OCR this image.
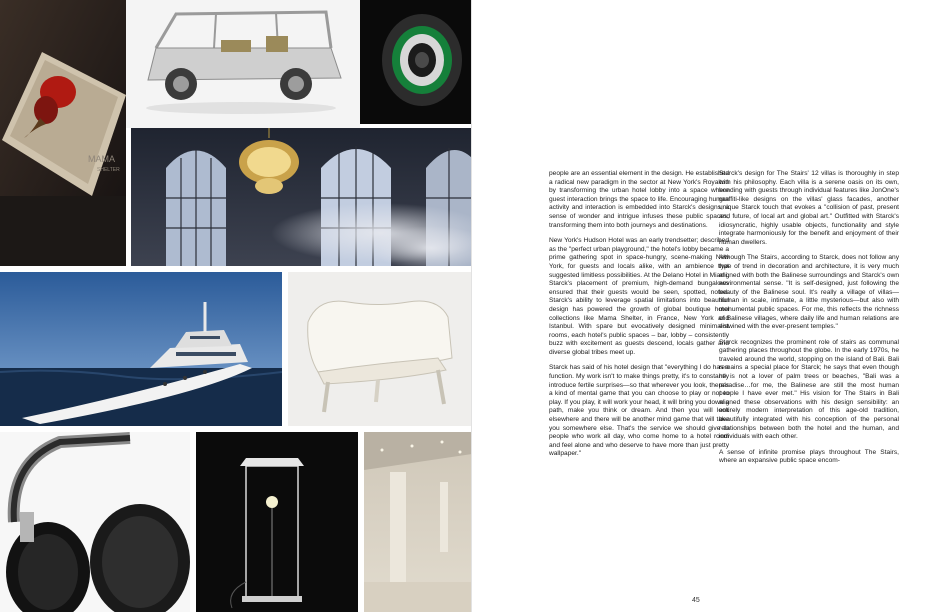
MAMA
SHELTER	people are an essential element in the design. He established a radical new paradigm in the sector at New York's Royalton by transforming the urban hotel lobby into a space where guest interaction brings the space to life. Encouraging human activity and interaction is embedded into Starck's designs; a sense of wonder and intrigue infuses these public spaces, transforming them into both journeys and destinations.

New York's Hudson Hotel was an early trendsetter; described as the "perfect urban playground," the hotel's lobby became a prime gathering spot in space-hungry, scene-making New York, for guests and locals alike, with an ambience that suggested limitless possibilities. At the Delano Hotel in Miami, Starck's placement of premium, high-demand bungalows ensured that their guests would be seen, spotted, noted. Starck's ability to leverage spatial limitations into beautiful design has powered the growth of global boutique hotel collections like Mama Shelter, in France, New York and Istanbul. With spare but evocatively designed minimalist rooms, each hotel's public spaces – bar, lobby – consistently buzz with excitement as guests descend, locals gather and diverse global tribes meet up.

Starck has said of his hotel design that "everything I do has a function. My work isn't to make things pretty, it's to constantly introduce fertile surprises—so that wherever you look, there's a kind of mental game that you can choose to play or not to play. If you play, it will work your head, it will bring you down a path, make you think or dream. And then you will look elsewhere and there will be another mind game that will take you somewhere else. That's the service we should give to people who work all day, who come home to a hotel room and feel alone and who deserve to have more than just pretty wallpaper."

Starck's design for The Stairs' 12 villas is thoroughly in step with his philosophy. Each villa is a serene oasis on its own, bonding with guests through individual features like JonOne's graffiti-like designs on the villas' glass facades, another unique Starck touch that evokes a "collision of past, present and future, of local art and global art." Outfitted with Starck's idiosyncratic, highly usable objects, functionality and style integrate harmoniously for the benefit and enjoyment of their human dwellers.

Although The Stairs, according to Starck, does not follow any type of trend in decoration and architecture, it is very much aligned with both the Balinese surroundings and Starck's own environmental sense. "It is self-designed, just following the beauty of the Balinese soul. It's really a village of villas—human in scale, intimate, a little mysterious—but also with monumental public spaces. For me, this reflects the richness of Balinese villages, where daily life and human relations are entwined with the ever-present temples."

Starck recognizes the prominent role of stairs as communal gathering places throughout the globe. In the early 1970s, he traveled around the world, stopping on the island of Bali. Bali remains a special place for Starck; he says that even though he is not a lover of palm trees or beaches, "Bali was a paradise…for me, the Balinese are still the most human people I have ever met." His vision for The Stairs in Bali aligned these observations with his design sensibility: an entirely modern interpretation of this age-old tradition, beautifully integrated with his conception of the personal relationships between both the hotel and the human, and individuals with each other.

A sense of infinite promise plays throughout The Stairs, where an expansive public space encom-

45
